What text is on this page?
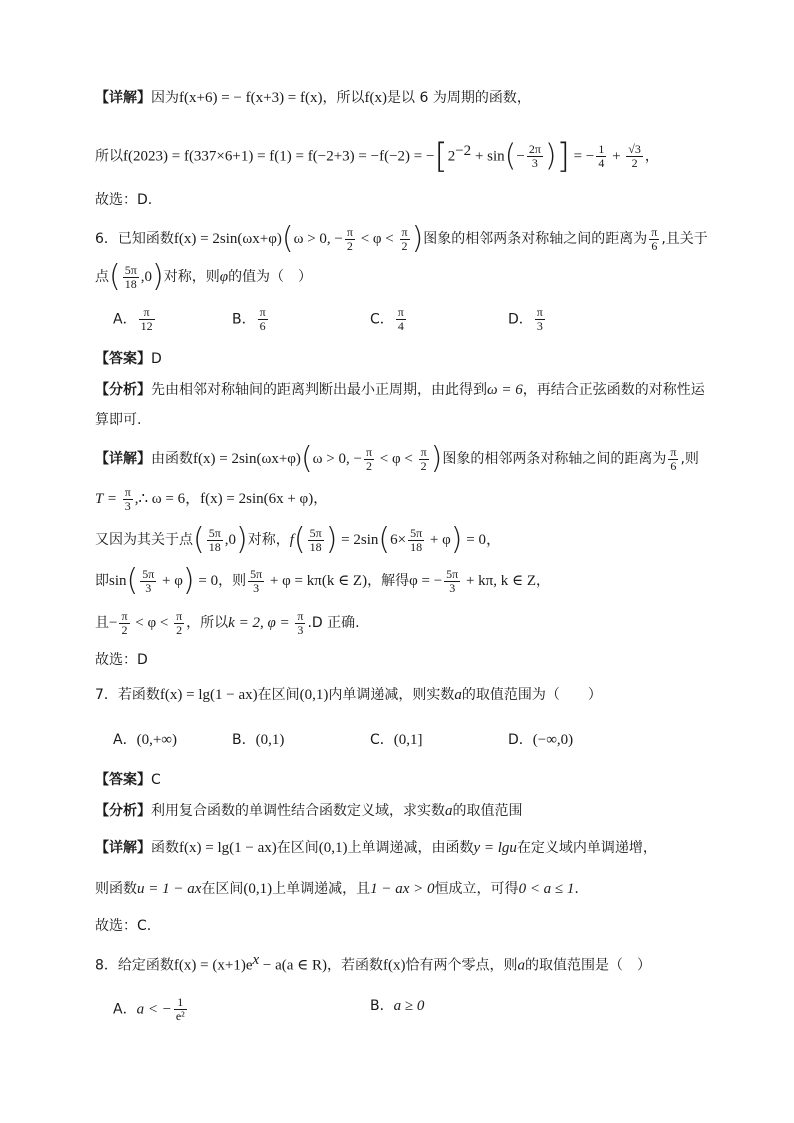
【详解】因为f(x+6) = − f(x+3) = f(x)，所以f(x)是以 6 为周期的函数，
所以$f(2023) = f(337\times 6+1) = f(1) = f(-2+3) = -f(-2) = -[2^{-2} + \sin(- \frac{2\pi}{3}$ )] = − $\frac{1}{4} + \frac{√3}{2}$ ，
故选：D.
6．已知函数f(x) = 2sin(ωx+φ)(ω > 0, − $\frac{\pi}{2} < \varphi < \frac{\pi}{2}$ )图象的相邻两条对称轴之间的距离为 $\frac{\pi}{6}$ ,且关于
点( $\frac{5\pi}{18} ,0$)对称，则φ的值为（　）
A． $\frac{\pi}{12}$	B． $\frac{\pi}{6}$	C． $\frac{\pi}{4}$	D． $\frac{\pi}{3}$
【答案】D
【分析】先由相邻对称轴间的距离判断出最小正周期，由此得到ω = 6，再结合正弦函数的对称性运
算即可.
【详解】由函数f(x) = 2sin(ωx+φ)(ω > 0, − $\frac{\pi}{2} < \varphi < \frac{\pi}{2}$ )图象的相邻两条对称轴之间的距离为 $\frac{\pi}{6}$ ,则
$T = \frac{\pi}{3}$ ,∴ ω = 6，f(x) = 2sin(6x + φ)，
又因为其关于点( $\frac{5\pi}{18} ,0$)对称，$f( \frac{5\pi}{18}$ ) = $2\sin(6\times \frac{5\pi}{18} + \varphi) = 0$，
即$\sin( \frac{5\pi}{3} + \varphi) = 0$，则 $\frac{5\pi}{3} + \varphi = k\pi(k$ ∈ Z)，解得φ = − $\frac{5\pi}{3} + k\pi$, k ∈ Z，
且− $\frac{\pi}{2} < \varphi < \frac{\pi}{2}$ ，所以k = 2, $\varphi = \frac{\pi}{3} .D$ 正确.
故选：D
7．若函数f(x) = lg(1 − ax)在区间(0,1)内单调递减，则实数a的取值范围为（　　）
A．(0,+∞)	B．(0,1)	C．(0,1]	D．(−∞,0)
【答案】C
【分析】利用复合函数的单调性结合函数定义域，求实数a的取值范围
【详解】函数f(x) = lg(1 − ax)在区间(0,1)上单调递减，由函数y = lgu在定义域内单调递增，
则函数u = 1 − ax在区间(0,1)上单调递减，且1 − ax > 0恒成立，可得0 < a ≤ 1.
故选：C.
8．给定函数$f(x) = (x+1)e^x - a(a$ ∈ R)，若函数f(x)恰有两个零点，则a的取值范围是（　）
A．a < − $\frac{1}{\text{e²}}$	B．a ≥ 0
